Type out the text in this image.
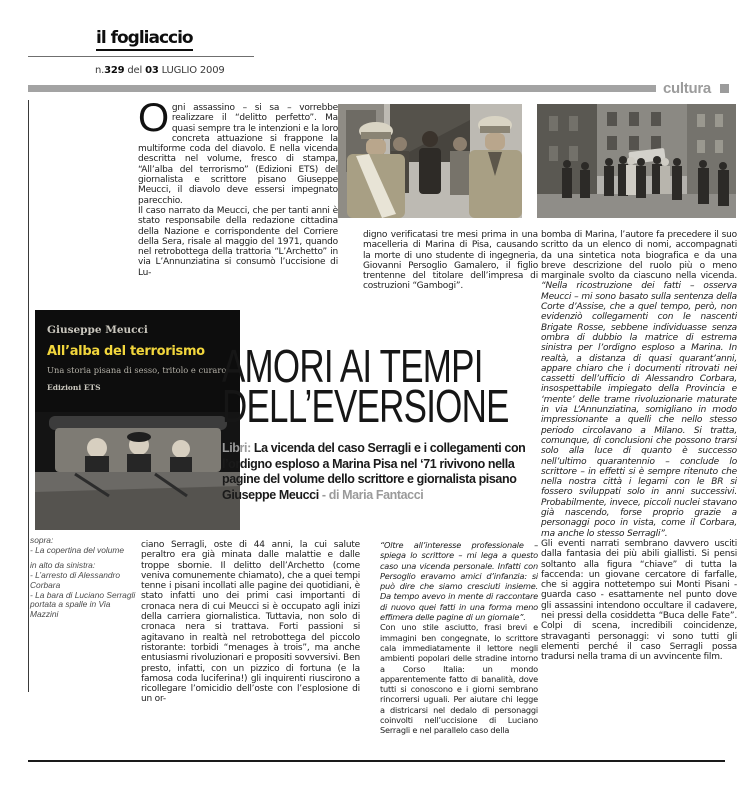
il fogliaccio
n.329 del 03 LUGLIO 2009
cultura

Ogni assassino – si sa – vorrebbe realizzare il “delitto perfetto”. Ma quasi sempre tra le intenzioni e la loro concreta attuazione si frappone la multiforme coda del diavolo. E nella vicenda descritta nel volume, fresco di stampa, “All’alba del terrorismo” (Edizioni ETS) del giornalista e scrittore pisano Giuseppe Meucci, il diavolo deve essersi impegnato parecchio.

Il caso narrato da Meucci, che per tanti anni è stato responsabile della redazione cittadina della Nazione e corrispondente del Corriere della Sera, risale al maggio del 1971, quando nel retrobottega della trattoria “L’Archetto” in via L’Annunziatina si consumò l’uccisione di Lu-

digno verificatasi tre mesi prima in una macelleria di Marina di Pisa, causando la morte di uno studente di ingegneria, Giovanni Persoglio Gamalero, il figlio trentenne del titolare dell’impresa di costruzioni “Gambogi”.

bomba di Marina, l’autore fa precedere il suo scritto da un elenco di nomi, accompagnati da una sintetica nota biografica e da una breve descrizione del ruolo più o meno marginale svolto da ciascuno nella vicenda. “Nella ricostruzione dei fatti – osserva Meucci – mi sono basato sulla sentenza della Corte d’Assise, che a quel tempo, però, non evidenziò collegamenti con le nascenti Brigate Rosse, sebbene individuasse senza ombra di dubbio la matrice di estrema sinistra per l’ordigno esploso a Marina. In realtà, a distanza di quasi quarant’anni, appare chiaro che i documenti ritrovati nei cassetti dell’ufficio di Alessandro Corbara, insospettabile impiegato della Provincia e ‘mente’ delle trame rivoluzionarie maturate in via L’Annunziatina, somigliano in modo impressionante a quelli che nello stesso periodo circolavano a Milano. Si tratta, comunque, di conclusioni che possono trarsi solo alla luce di quanto è successo nell’ultimo quarantennio – conclude lo scrittore – in effetti si è sempre ritenuto che nella nostra città i legami con le BR si fossero sviluppati solo in anni successivi. Probabilmente, invece, piccoli nuclei stavano già nascendo, forse proprio grazie a personaggi poco in vista, come il Corbara, ma anche lo stesso Serragli”.

Gli eventi narrati sembrano davvero usciti dalla fantasia dei più abili giallisti. Si pensi soltanto alla figura “chiave” di tutta la faccenda: un giovane cercatore di farfalle, che si aggira nottetempo sui Monti Pisani - guarda caso - esattamente nel punto dove gli assassini intendono occultare il cadavere, nei pressi della cosiddetta “Buca delle Fate”. Colpi di scena, incredibili coincidenze, stravaganti personaggi: vi sono tutti gli elementi perché il caso Serragli possa tradursi nella trama di un avvincente film.

Giuseppe Meucci
All’alba del terrorismo
Una storia pisana di sesso, tritolo e curaro
Edizioni ETS	AMORI AI TEMPI
DELL’EVERSIONE
Libri: La vicenda del caso Serragli e i collegamenti con l’ordigno esploso a Marina Pisa nel ‘71 rivivono nella pagine del volume dello scrittore e giornalista pisano Giuseppe Meucci - di Maria Fantacci
sopra:
- La copertina del volume
in alto da sinistra:
- L’arresto di Alessandro Corbara
- La bara di Luciano Serragli portata a spalle in Via Mazzini

ciano Serragli, oste di 44 anni, la cui salute peraltro era già minata dalle malattie e dalle troppe sbornie. Il delitto dell’Archetto (come veniva comunemente chiamato), che a quei tempi tenne i pisani incollati alle pagine dei quotidiani, è stato infatti uno dei primi casi importanti di cronaca nera di cui Meucci si è occupato agli inizi della carriera giornalistica. Tuttavia, non solo di cronaca nera si trattava. Forti passioni si agitavano in realtà nel retrobottega del piccolo ristorante: torbidi “menages à trois”, ma anche entusiasmi rivoluzionari e propositi sovversivi. Ben presto, infatti, con un pizzico di fortuna (e la famosa coda luciferina!) gli inquirenti riuscirono a ricollegare l’omicidio dell’oste con l’esplosione di un or-

“Oltre all’interesse professionale – spiega lo scrittore – mi lega a questo caso una vicenda personale. Infatti con Persoglio eravamo amici d’infanzia: si può dire che siamo cresciuti insieme. Da tempo avevo in mente di raccontare di nuovo quei fatti in una forma meno effimera delle pagine di un giornale”.

Con uno stile asciutto, frasi brevi e immagini ben congegnate, lo scrittore cala immediatamente il lettore negli ambienti popolari delle stradine intorno a Corso Italia: un mondo apparentemente fatto di banalità, dove tutti si conoscono e i giorni sembrano rincorrersi uguali. Per aiutare chi legge a districarsi nel dedalo di personaggi coinvolti nell’uccisione di Luciano Serragli e nel parallelo caso della
